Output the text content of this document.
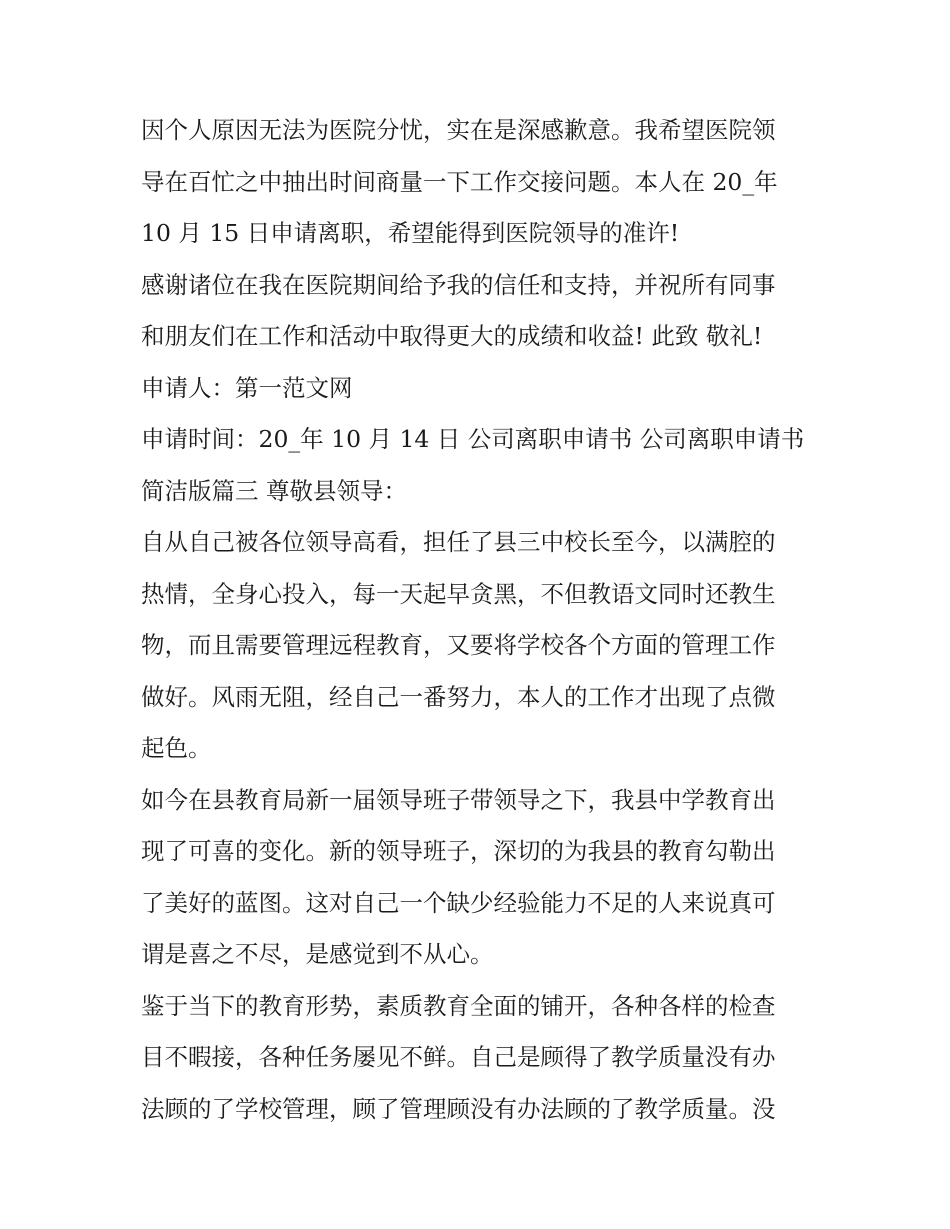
因个人原因无法为医院分忧，实在是深感歉意。我希望医院领
导在百忙之中抽出时间商量一下工作交接问题。本人在 20_年
10 月 15 日申请离职，希望能得到医院领导的准许!
感谢诸位在我在医院期间给予我的信任和支持，并祝所有同事
和朋友们在工作和活动中取得更大的成绩和收益! 此致 敬礼!
申请人：第一范文网
申请时间：20_年 10 月 14 日 公司离职申请书 公司离职申请书
简洁版篇三 尊敬县领导：
自从自己被各位领导高看，担任了县三中校长至今，以满腔的
热情，全身心投入，每一天起早贪黑，不但教语文同时还教生
物，而且需要管理远程教育，又要将学校各个方面的管理工作
做好。风雨无阻，经自己一番努力，本人的工作才出现了点微
起色。
如今在县教育局新一届领导班子带领导之下，我县中学教育出
现了可喜的变化。新的领导班子，深切的为我县的教育勾勒出
了美好的蓝图。这对自己一个缺少经验能力不足的人来说真可
谓是喜之不尽，是感觉到不从心。
鉴于当下的教育形势，素质教育全面的铺开，各种各样的检查
目不暇接，各种任务屡见不鲜。自己是顾得了教学质量没有办
法顾的了学校管理，顾了管理顾没有办法顾的了教学质量。没
